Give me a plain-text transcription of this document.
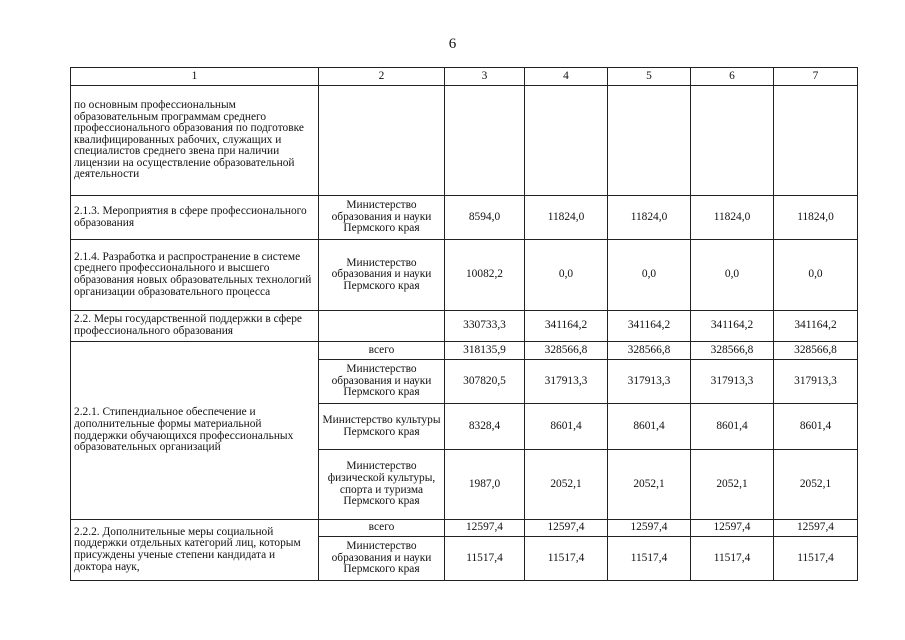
6
1	2	3	4	5	6	7
по основным профессиональным образовательным программам среднего профессионального образования по подготовке квалифицированных рабочих, служащих и специалистов среднего звена при наличии лицензии на осуществление образовательной деятельности						
2.1.3. Мероприятия в сфере профессионального образования	Министерство образования и науки Пермского края	8594,0	11824,0	11824,0	11824,0	11824,0
2.1.4. Разработка и распространение в системе среднего профессионального и высшего образования новых образовательных технологий организации образовательного процесса	Министерство образования и науки Пермского края	10082,2	0,0	0,0	0,0	0,0
2.2. Меры государственной поддержки в сфере профессионального образования		330733,3	341164,2	341164,2	341164,2	341164,2
2.2.1. Стипендиальное обеспечение и дополнительные формы материальной поддержки обучающихся профессиональных образовательных организаций	всего	318135,9	328566,8	328566,8	328566,8	328566,8
	Министерство образования и науки Пермского края	307820,5	317913,3	317913,3	317913,3	317913,3
	Министерство культуры Пермского края	8328,4	8601,4	8601,4	8601,4	8601,4
	Министерство физической культуры, спорта и туризма Пермского края	1987,0	2052,1	2052,1	2052,1	2052,1
2.2.2. Дополнительные меры социальной поддержки отдельных категорий лиц, которым присуждены ученые степени кандидата и доктора наук,	всего	12597,4	12597,4	12597,4	12597,4	12597,4
	Министерство образования и науки Пермского края	11517,4	11517,4	11517,4	11517,4	11517,4
